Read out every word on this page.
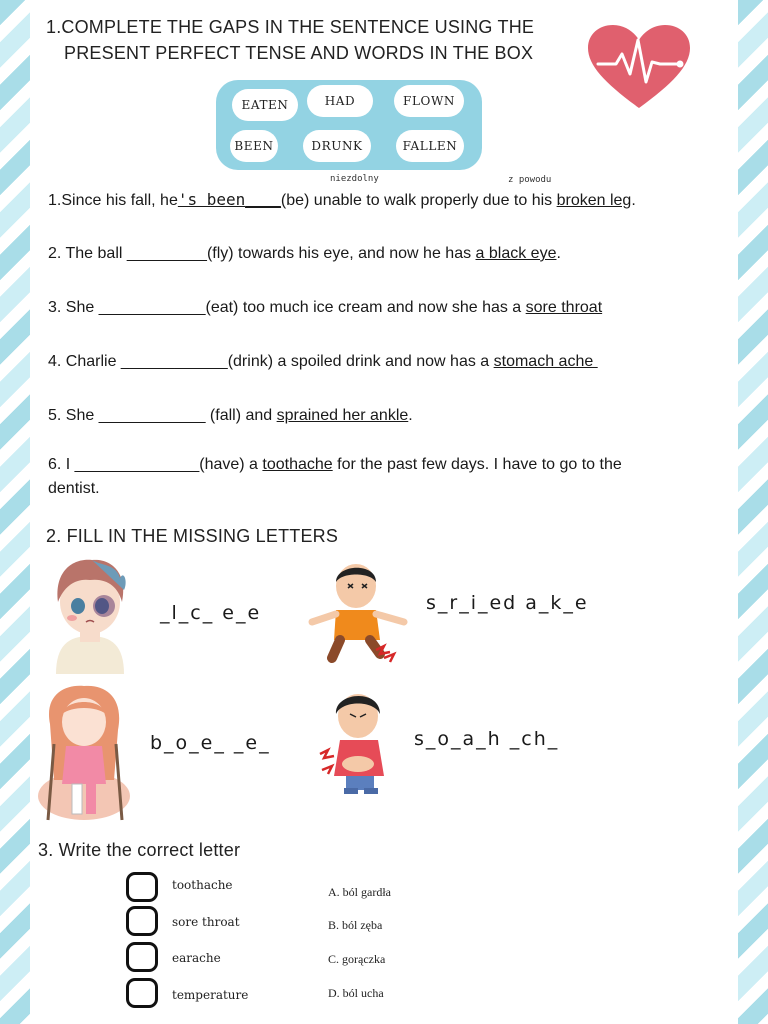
1.COMPLETE THE GAPS IN THE SENTENCE USING THE
PRESENT PERFECT TENSE AND WORDS IN THE BOX
EATEN	HAD	FLOWN
BEEN	DRUNK	FALLEN
niezdolny	z powodu
1.Since his fall, he's been____(be) unable to walk properly due to his broken leg.
2. The ball _________(fly) towards his eye, and now he has a black eye.
3. She ____________(eat) too much ice cream and now she has a sore throat
4. Charlie ____________(drink) a spoiled drink and now has a stomach ache
5. She ____________ (fall) and sprained her ankle.
6. I ______________(have) a toothache for the past few days. I have to go to the
dentist.
2. FILL IN THE MISSING LETTERS
_l_c_ e_e	s_r_i_ed a_k_e
b_o_e_ _e_	s_o_a_h _ch_
3. Write the correct letter
toothache
sore throat
earache
temperature
A. ból gardła
B. ból zęba
C. gorączka
D. ból ucha
